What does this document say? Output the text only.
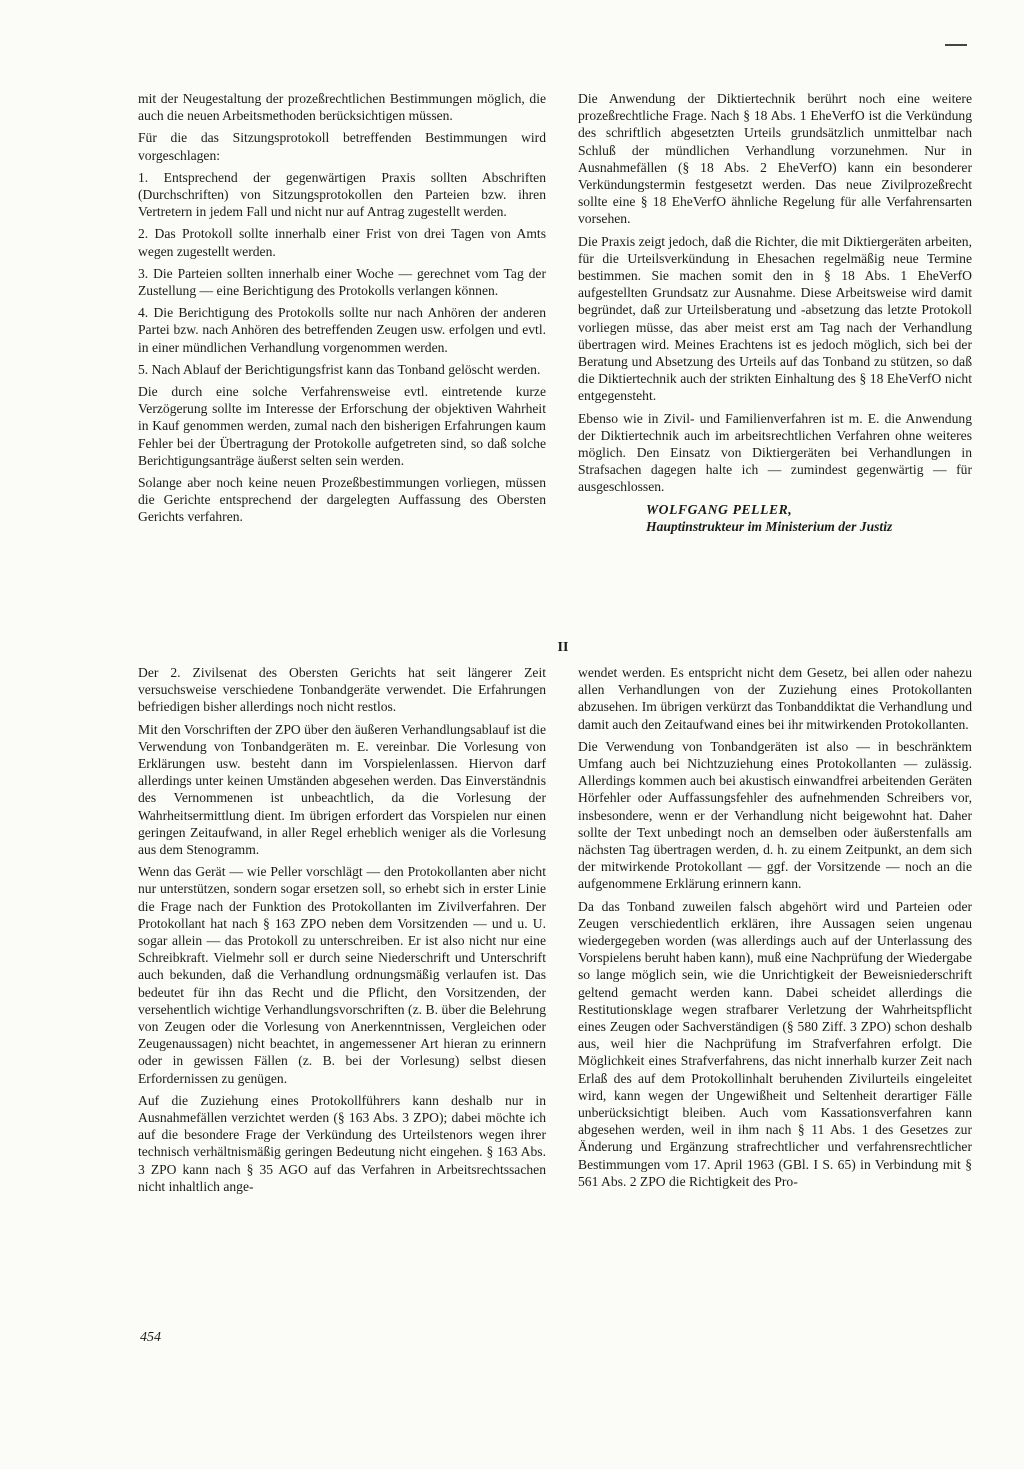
mit der Neugestaltung der prozeßrechtlichen Bestimmungen möglich, die auch die neuen Arbeitsmethoden berücksichtigen müssen.

Für die das Sitzungsprotokoll betreffenden Bestimmungen wird vorgeschlagen:

1. Entsprechend der gegenwärtigen Praxis sollten Abschriften (Durchschriften) von Sitzungsprotokollen den Parteien bzw. ihren Vertretern in jedem Fall und nicht nur auf Antrag zugestellt werden.

2. Das Protokoll sollte innerhalb einer Frist von drei Tagen von Amts wegen zugestellt werden.

3. Die Parteien sollten innerhalb einer Woche — gerechnet vom Tag der Zustellung — eine Berichtigung des Protokolls verlangen können.

4. Die Berichtigung des Protokolls sollte nur nach Anhören der anderen Partei bzw. nach Anhören des betreffenden Zeugen usw. erfolgen und evtl. in einer mündlichen Verhandlung vorgenommen werden.

5. Nach Ablauf der Berichtigungsfrist kann das Tonband gelöscht werden.

Die durch eine solche Verfahrensweise evtl. eintretende kurze Verzögerung sollte im Interesse der Erforschung der objektiven Wahrheit in Kauf genommen werden, zumal nach den bisherigen Erfahrungen kaum Fehler bei der Übertragung der Protokolle aufgetreten sind, so daß solche Berichtigungsanträge äußerst selten sein werden.

Solange aber noch keine neuen Prozeßbestimmungen vorliegen, müssen die Gerichte entsprechend der dargelegten Auffassung des Obersten Gerichts verfahren.

Die Anwendung der Diktiertechnik berührt noch eine weitere prozeßrechtliche Frage. Nach § 18 Abs. 1 EheVerfO ist die Verkündung des schriftlich abgesetzten Urteils grundsätzlich unmittelbar nach Schluß der mündlichen Verhandlung vorzunehmen. Nur in Ausnahmefällen (§ 18 Abs. 2 EheVerfO) kann ein besonderer Verkündungstermin festgesetzt werden. Das neue Zivilprozeßrecht sollte eine § 18 EheVerfO ähnliche Regelung für alle Verfahrensarten vorsehen.

Die Praxis zeigt jedoch, daß die Richter, die mit Diktiergeräten arbeiten, für die Urteilsverkündung in Ehesachen regelmäßig neue Termine bestimmen. Sie machen somit den in § 18 Abs. 1 EheVerfO aufgestellten Grundsatz zur Ausnahme. Diese Arbeitsweise wird damit begründet, daß zur Urteilsberatung und -absetzung das letzte Protokoll vorliegen müsse, das aber meist erst am Tag nach der Verhandlung übertragen wird. Meines Erachtens ist es jedoch möglich, sich bei der Beratung und Absetzung des Urteils auf das Tonband zu stützen, so daß die Diktiertechnik auch der strikten Einhaltung des § 18 EheVerfO nicht entgegensteht.

Ebenso wie in Zivil- und Familienverfahren ist m. E. die Anwendung der Diktiertechnik auch im arbeitsrechtlichen Verfahren ohne weiteres möglich. Den Einsatz von Diktiergeräten bei Verhandlungen in Strafsachen dagegen halte ich — zumindest gegenwärtig — für ausgeschlossen.

WOLFGANG PELLER,
Hauptinstrukteur im Ministerium der Justiz
II

Der 2. Zivilsenat des Obersten Gerichts hat seit längerer Zeit versuchsweise verschiedene Tonbandgeräte verwendet. Die Erfahrungen befriedigen bisher allerdings noch nicht restlos.

Mit den Vorschriften der ZPO über den äußeren Verhandlungsablauf ist die Verwendung von Tonbandgeräten m. E. vereinbar. Die Vorlesung von Erklärungen usw. besteht dann im Vorspielenlassen. Hiervon darf allerdings unter keinen Umständen abgesehen werden. Das Einverständnis des Vernommenen ist unbeachtlich, da die Vorlesung der Wahrheitsermittlung dient. Im übrigen erfordert das Vorspielen nur einen geringen Zeitaufwand, in aller Regel erheblich weniger als die Vorlesung aus dem Stenogramm.

Wenn das Gerät — wie Peller vorschlägt — den Protokollanten aber nicht nur unterstützen, sondern sogar ersetzen soll, so erhebt sich in erster Linie die Frage nach der Funktion des Protokollanten im Zivilverfahren. Der Protokollant hat nach § 163 ZPO neben dem Vorsitzenden — und u. U. sogar allein — das Protokoll zu unterschreiben. Er ist also nicht nur eine Schreibkraft. Vielmehr soll er durch seine Niederschrift und Unterschrift auch bekunden, daß die Verhandlung ordnungsmäßig verlaufen ist. Das bedeutet für ihn das Recht und die Pflicht, den Vorsitzenden, der versehentlich wichtige Verhandlungsvorschriften (z. B. über die Belehrung von Zeugen oder die Vorlesung von Anerkenntnissen, Vergleichen oder Zeugenaussagen) nicht beachtet, in angemessener Art hieran zu erinnern oder in gewissen Fällen (z. B. bei der Vorlesung) selbst diesen Erfordernissen zu genügen.

Auf die Zuziehung eines Protokollführers kann deshalb nur in Ausnahmefällen verzichtet werden (§ 163 Abs. 3 ZPO); dabei möchte ich auf die besondere Frage der Verkündung des Urteilstenors wegen ihrer technisch verhältnismäßig geringen Bedeutung nicht eingehen. § 163 Abs. 3 ZPO kann nach § 35 AGO auf das Verfahren in Arbeitsrechtssachen nicht inhaltlich ange-

wendet werden. Es entspricht nicht dem Gesetz, bei allen oder nahezu allen Verhandlungen von der Zuziehung eines Protokollanten abzusehen. Im übrigen verkürzt das Tonbanddiktat die Verhandlung und damit auch den Zeitaufwand eines bei ihr mitwirkenden Protokollanten.

Die Verwendung von Tonbandgeräten ist also — in beschränktem Umfang auch bei Nichtzuziehung eines Protokollanten — zulässig. Allerdings kommen auch bei akustisch einwandfrei arbeitenden Geräten Hörfehler oder Auffassungsfehler des aufnehmenden Schreibers vor, insbesondere, wenn er der Verhandlung nicht beigewohnt hat. Daher sollte der Text unbedingt noch an demselben oder äußerstenfalls am nächsten Tag übertragen werden, d. h. zu einem Zeitpunkt, an dem sich der mitwirkende Protokollant — ggf. der Vorsitzende — noch an die aufgenommene Erklärung erinnern kann.

Da das Tonband zuweilen falsch abgehört wird und Parteien oder Zeugen verschiedentlich erklären, ihre Aussagen seien ungenau wiedergegeben worden (was allerdings auch auf der Unterlassung des Vorspielens beruht haben kann), muß eine Nachprüfung der Wiedergabe so lange möglich sein, wie die Unrichtigkeit der Beweisniederschrift geltend gemacht werden kann. Dabei scheidet allerdings die Restitutionsklage wegen strafbarer Verletzung der Wahrheitspflicht eines Zeugen oder Sachverständigen (§ 580 Ziff. 3 ZPO) schon deshalb aus, weil hier die Nachprüfung im Strafverfahren erfolgt. Die Möglichkeit eines Strafverfahrens, das nicht innerhalb kurzer Zeit nach Erlaß des auf dem Protokollinhalt beruhenden Zivilurteils eingeleitet wird, kann wegen der Ungewißheit und Seltenheit derartiger Fälle unberücksichtigt bleiben. Auch vom Kassationsverfahren kann abgesehen werden, weil in ihm nach § 11 Abs. 1 des Gesetzes zur Änderung und Ergänzung strafrechtlicher und verfahrensrechtlicher Bestimmungen vom 17. April 1963 (GBl. I S. 65) in Verbindung mit § 561 Abs. 2 ZPO die Richtigkeit des Pro-

454
